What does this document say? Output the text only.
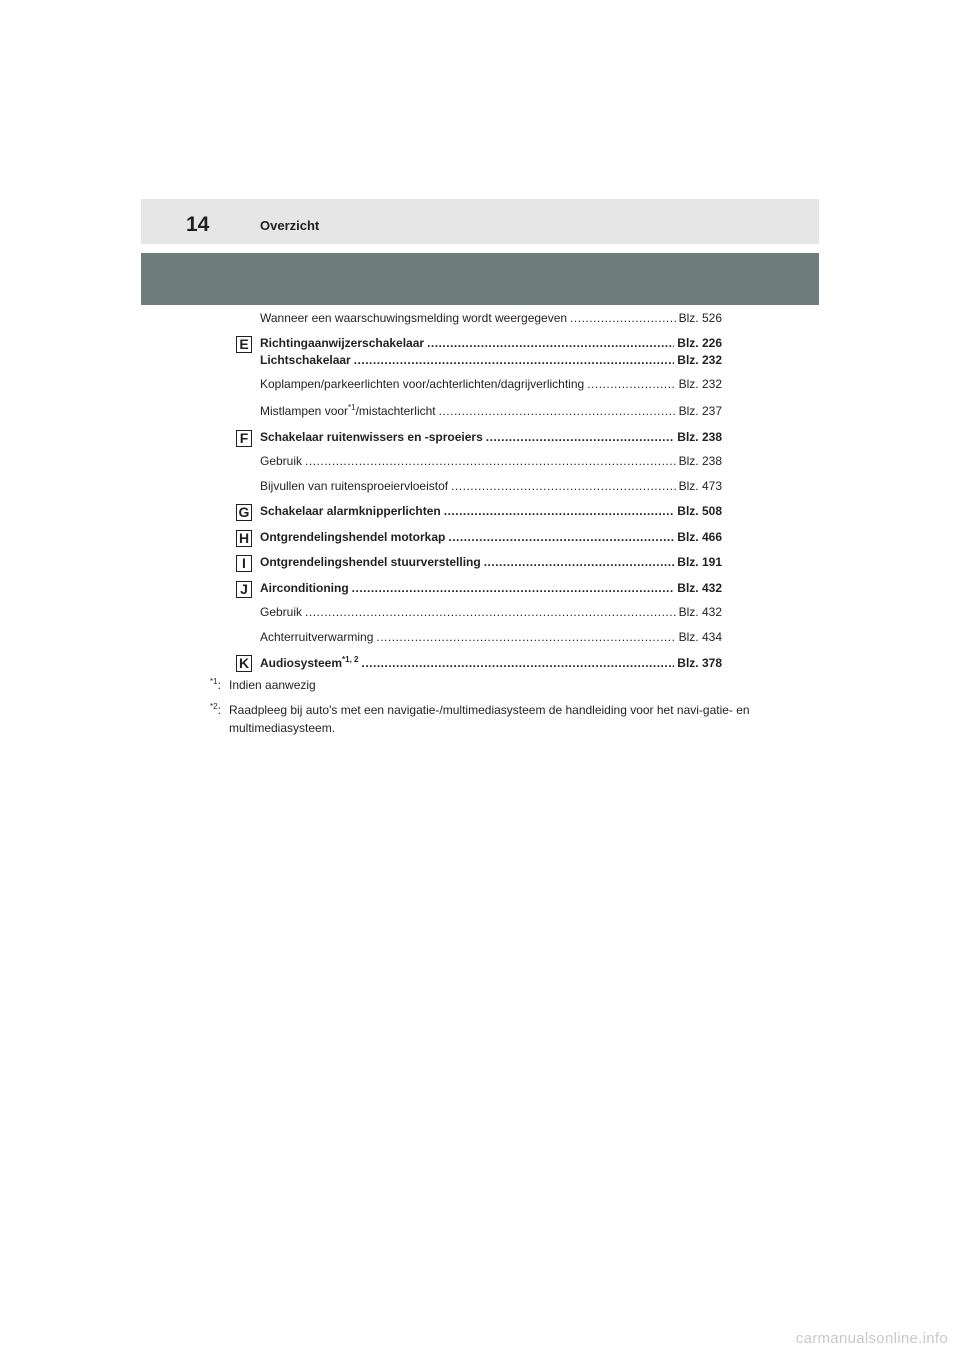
14	Overzicht
Wanneer een waarschuwingsmelding wordt weergegeven .....	Blz. 526
E Richtingaanwijzerschakelaar .....	Blz. 226
Lichtschakelaar .....	Blz. 232
Koplampen/parkeerlichten voor/achterlichten/dagrijverlichting .....	Blz. 232
Mistlampen voor$^{*1}$/mistachterlicht .....	Blz. 237
F Schakelaar ruitenwissers en -sproeiers .....	Blz. 238
Gebruik .....	Blz. 238
Bijvullen van ruitensproeiervloeistof .....	Blz. 473
G Schakelaar alarmknipperlichten .....	Blz. 508
H Ontgrendelingshendel motorkap .....	Blz. 466
I	Ontgrendelingshendel stuurverstelling .....	Blz. 191
J	Airconditioning .....	Blz. 432
Gebruik .....	Blz. 432
Achterruitverwarming .....	Blz. 434
K Audiosysteem$^{*1, 2}$ .....	Blz. 378
$^{*1}$: Indien aanwezig
$^{*2}$: Raadpleeg bij auto's met een navigatie-/multimediasysteem de handleiding voor het navi-gatie- en multimediasysteem.
carmanualsonline.info
